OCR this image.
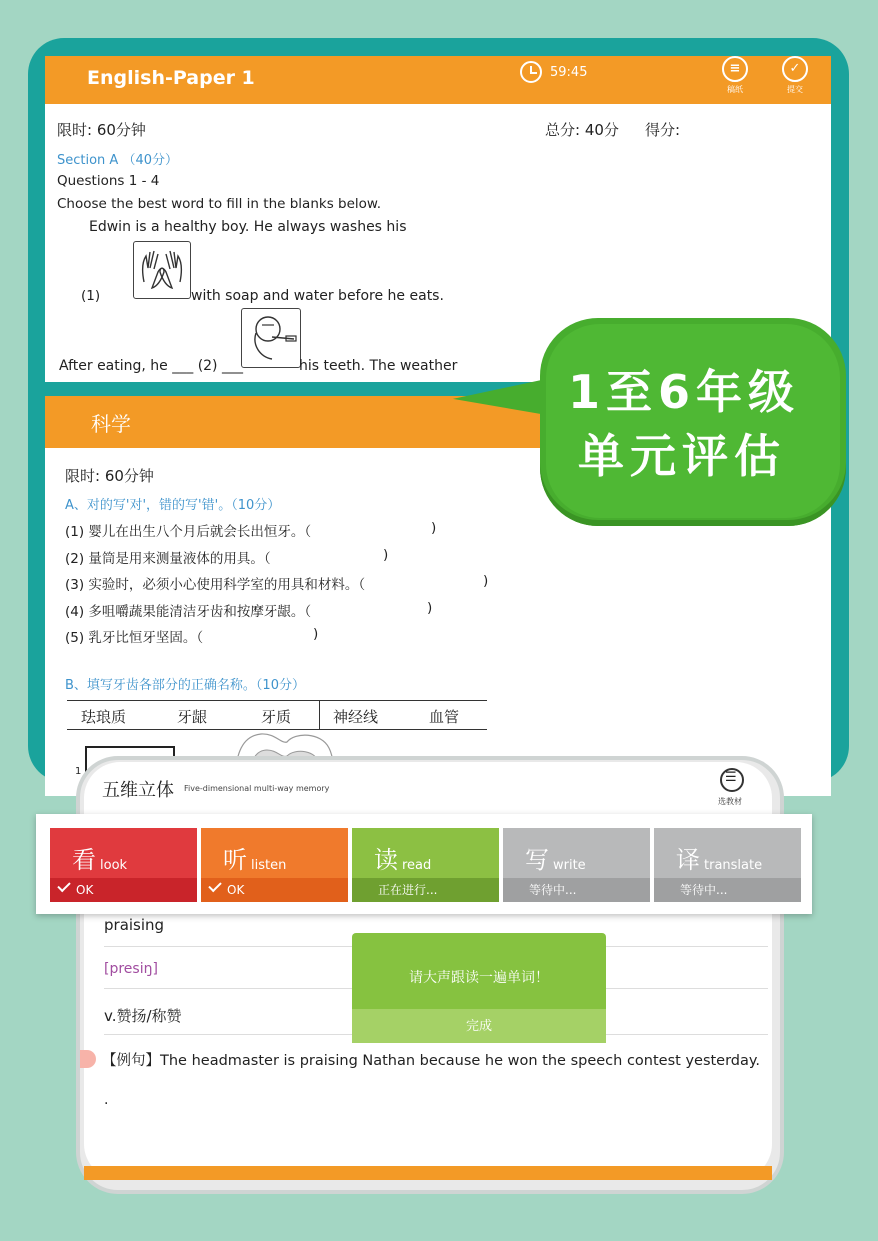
English-Paper 1	59:45	≡
稿纸
✓
提交
限时: 60分钟	总分: 40分 得分:
Section A （40分）
Questions 1 - 4
Choose the best word to fill in the blanks below.
Edwin is a healthy boy. He always washes his
(1)	with soap and water before he eats.
After eating, he ___ (2) ___	his teeth. The weather
科学
限时: 60分钟
A、对的写'对'，错的写'错'。（10分）
(1) 婴儿在出生八个月后就会长出恒牙。（	)
(2) 量筒是用来测量液体的用具。（	)
(3) 实验时，必须小心使用科学室的用具和材料。（	)
(4) 多咀嚼蔬果能清洁牙齿和按摩牙龈。（	)
(5) 乳牙比恒牙坚固。（	)
B、填写牙齿各部分的正确名称。（10分）
珐琅质	牙龈	牙质	神经线	血管
1
1至6年级
单元评估
五维立体 Five-dimensional multi-way memory
☰
选教材
praising
[presiŋ]
v.赞扬/称赞
【例句】The headmaster is praising Nathan because he won the speech contest yesterday.
.
请大声跟读一遍单词！
完成
看 look
OK
听 listen
OK
读 read
正在进行...
写 write
等待中...
译 translate
等待中...
